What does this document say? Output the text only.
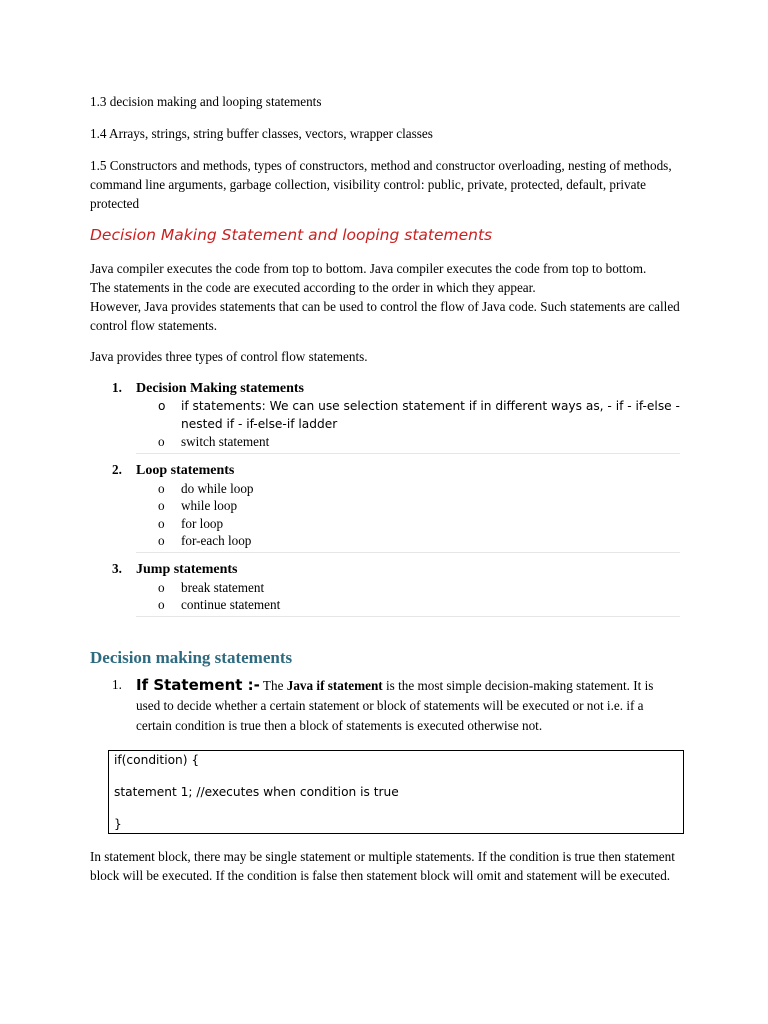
1.3 decision making and looping statements

1.4 Arrays, strings, string buffer classes, vectors, wrapper classes

1.5 Constructors and methods, types of constructors, method and constructor overloading, nesting of methods, command line arguments, garbage collection, visibility control: public, private, protected, default, private protected

Decision Making Statement and looping statements
Java compiler executes the code from top to bottom. Java compiler executes the code from top to bottom.
The statements in the code are executed according to the order in which they appear.
However, Java provides statements that can be used to control the flow of Java code. Such statements are called control flow statements.

Java provides three types of control flow statements.

1. Decision Making statements
o if statements: We can use selection statement if in different ways as, - if - if-else - nested if - if-else-if ladder
o switch statement
2. Loop statements
o do while loop
o while loop
o for loop
o for-each loop
3. Jump statements
o break statement
o continue statement
Decision making statements
1. If Statement :- The Java if statement is the most simple decision-making statement. It is used to decide whether a certain statement or block of statements will be executed or not i.e. if a certain condition is true then a block of statements is executed otherwise not.
if(condition) {
statement 1; //executes when condition is true
}

In statement block, there may be single statement or multiple statements. If the condition is true then statement block will be executed. If the condition is false then statement block will omit and statement will be executed.
